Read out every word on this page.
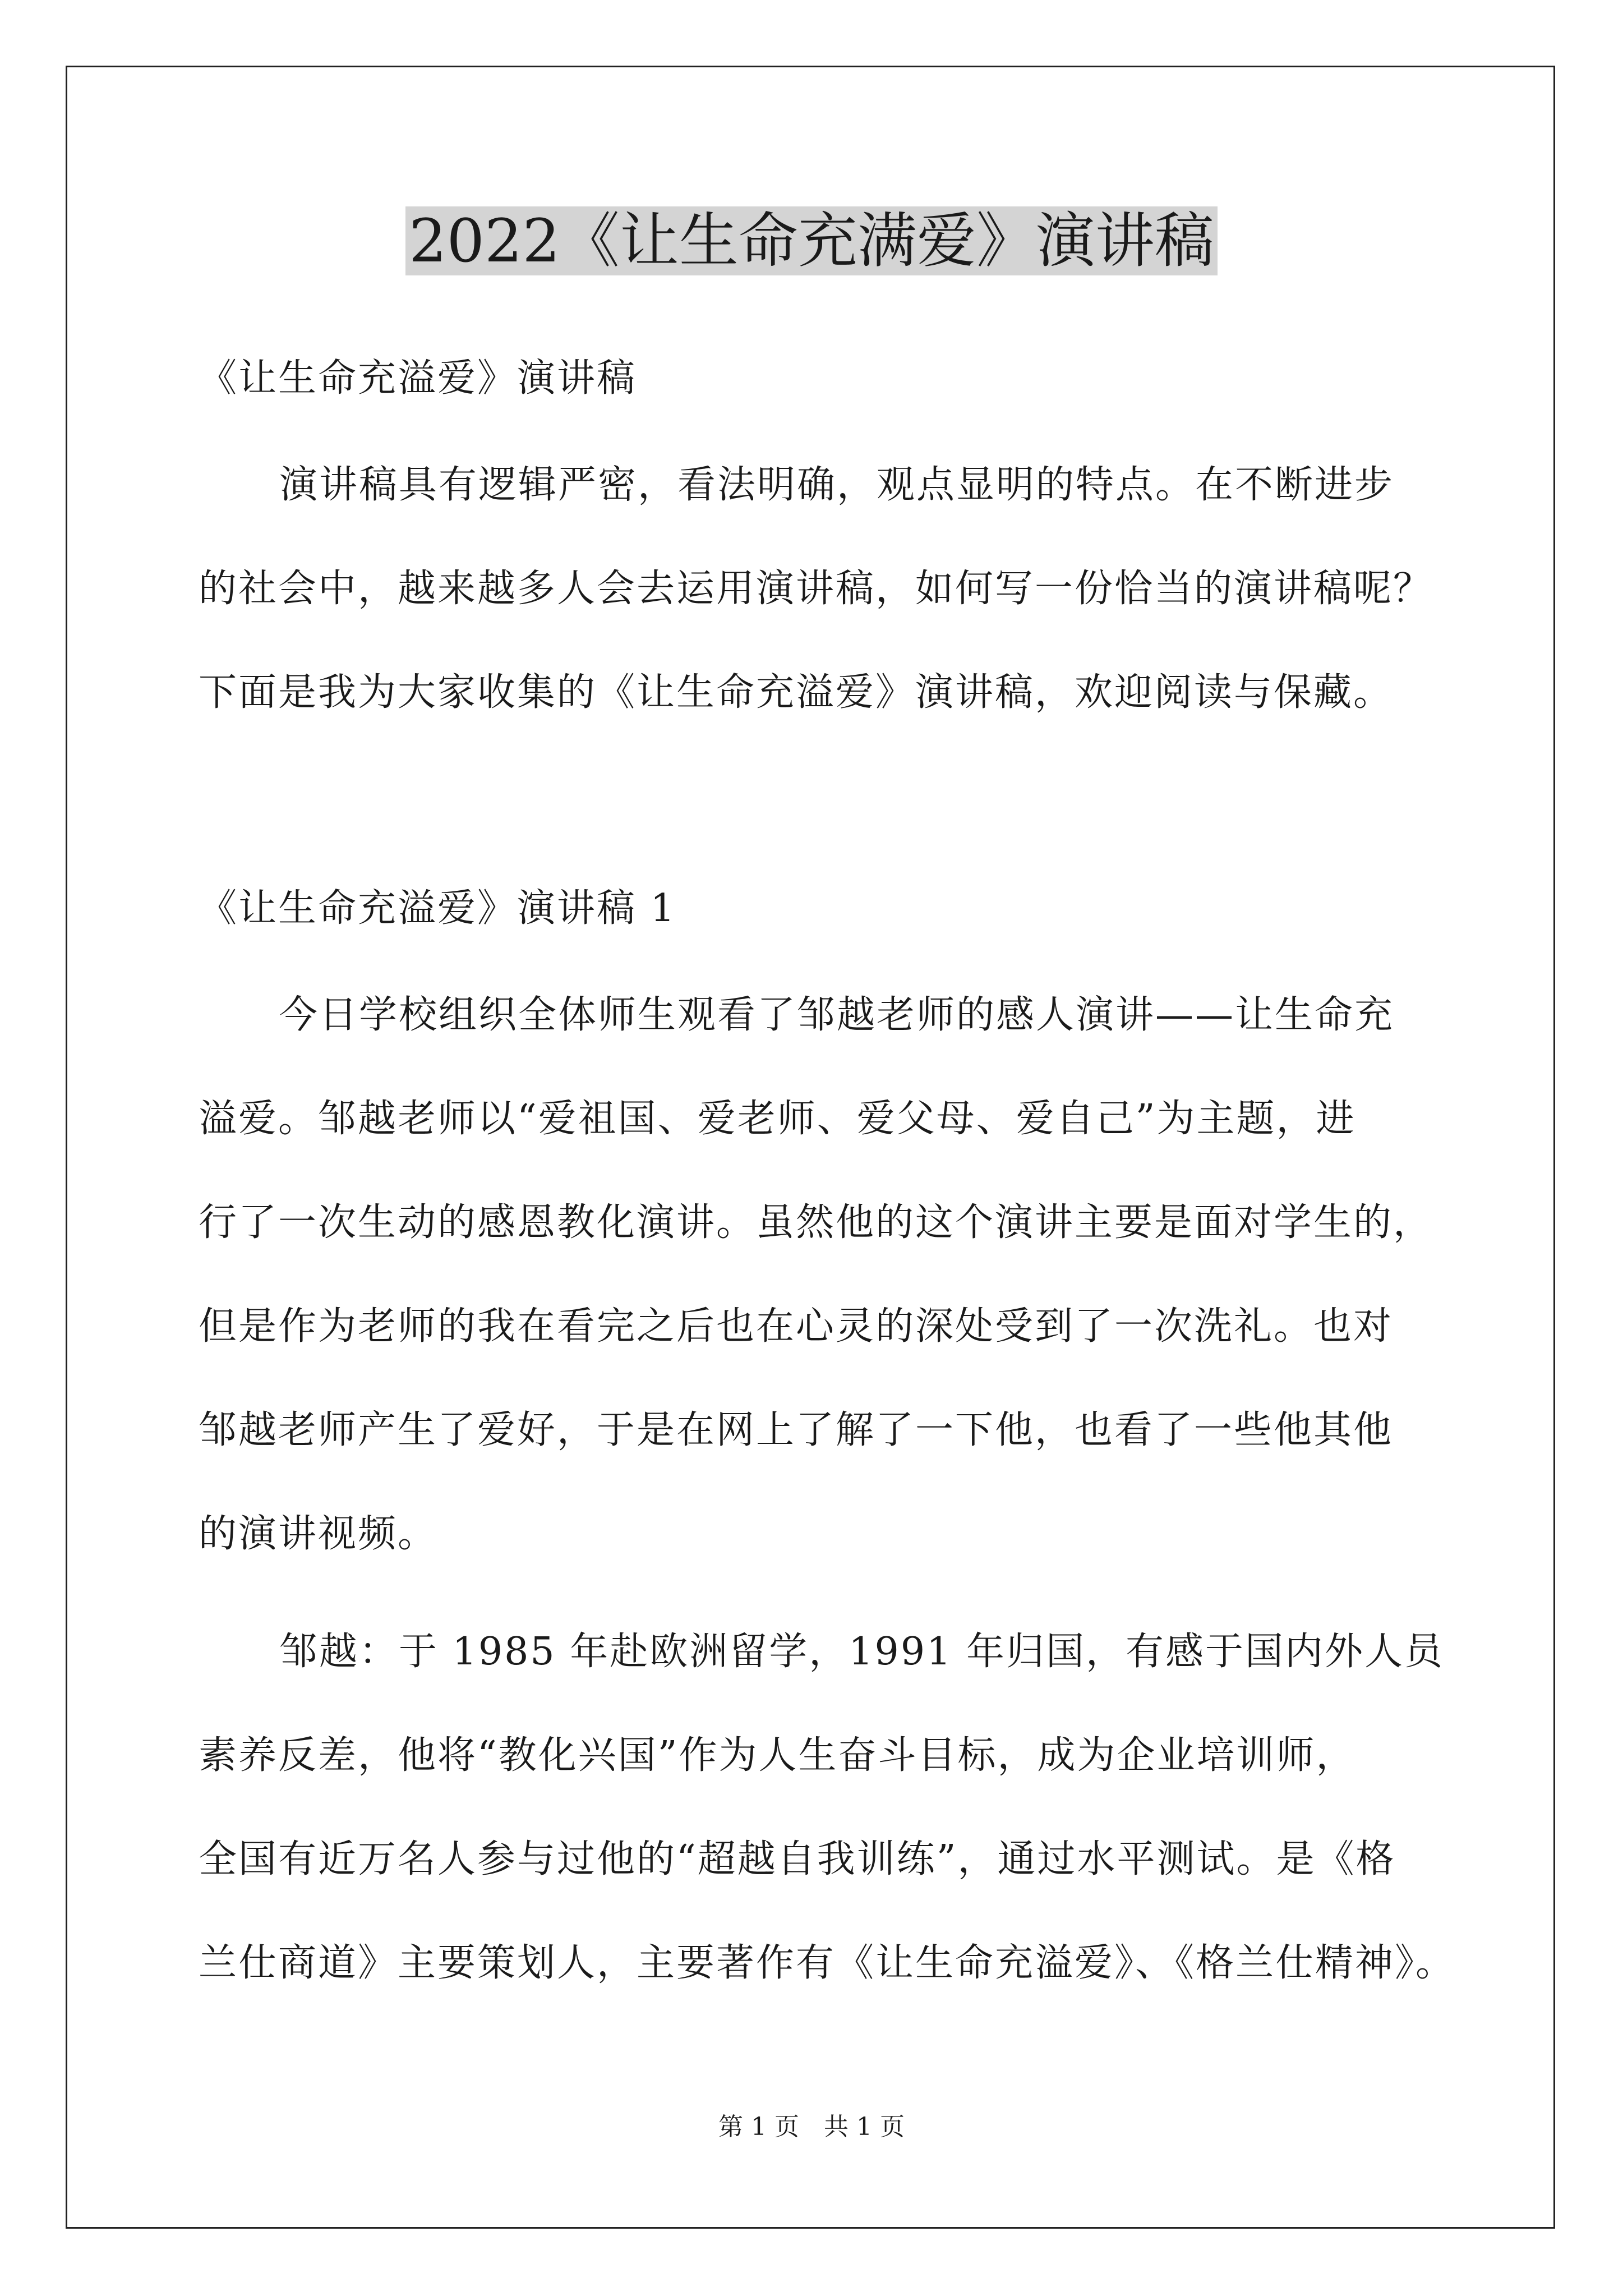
2022《让生命充满爱》演讲稿
《让生命充溢爱》演讲稿
演讲稿具有逻辑严密，看法明确，观点显明的特点。在不断进步
的社会中，越来越多人会去运用演讲稿，如何写一份恰当的演讲稿呢？
下面是我为大家收集的《让生命充溢爱》演讲稿，欢迎阅读与保藏。
《让生命充溢爱》演讲稿 1
今日学校组织全体师生观看了邹越老师的感人演讲——让生命充
溢爱。邹越老师以“爱祖国、爱老师、爱父母、爱自己”为主题，进
行了一次生动的感恩教化演讲。虽然他的这个演讲主要是面对学生的，
但是作为老师的我在看完之后也在心灵的深处受到了一次洗礼。也对
邹越老师产生了爱好，于是在网上了解了一下他，也看了一些他其他
的演讲视频。
邹越：于 1985 年赴欧洲留学，1991 年归国，有感于国内外人员
素养反差，他将“教化兴国”作为人生奋斗目标，成为企业培训师，
全国有近万名人参与过他的“超越自我训练”，通过水平测试。是《格
兰仕商道》主要策划人，主要著作有《让生命充溢爱》、《格兰仕精神》。
第 1 页　共 1 页
